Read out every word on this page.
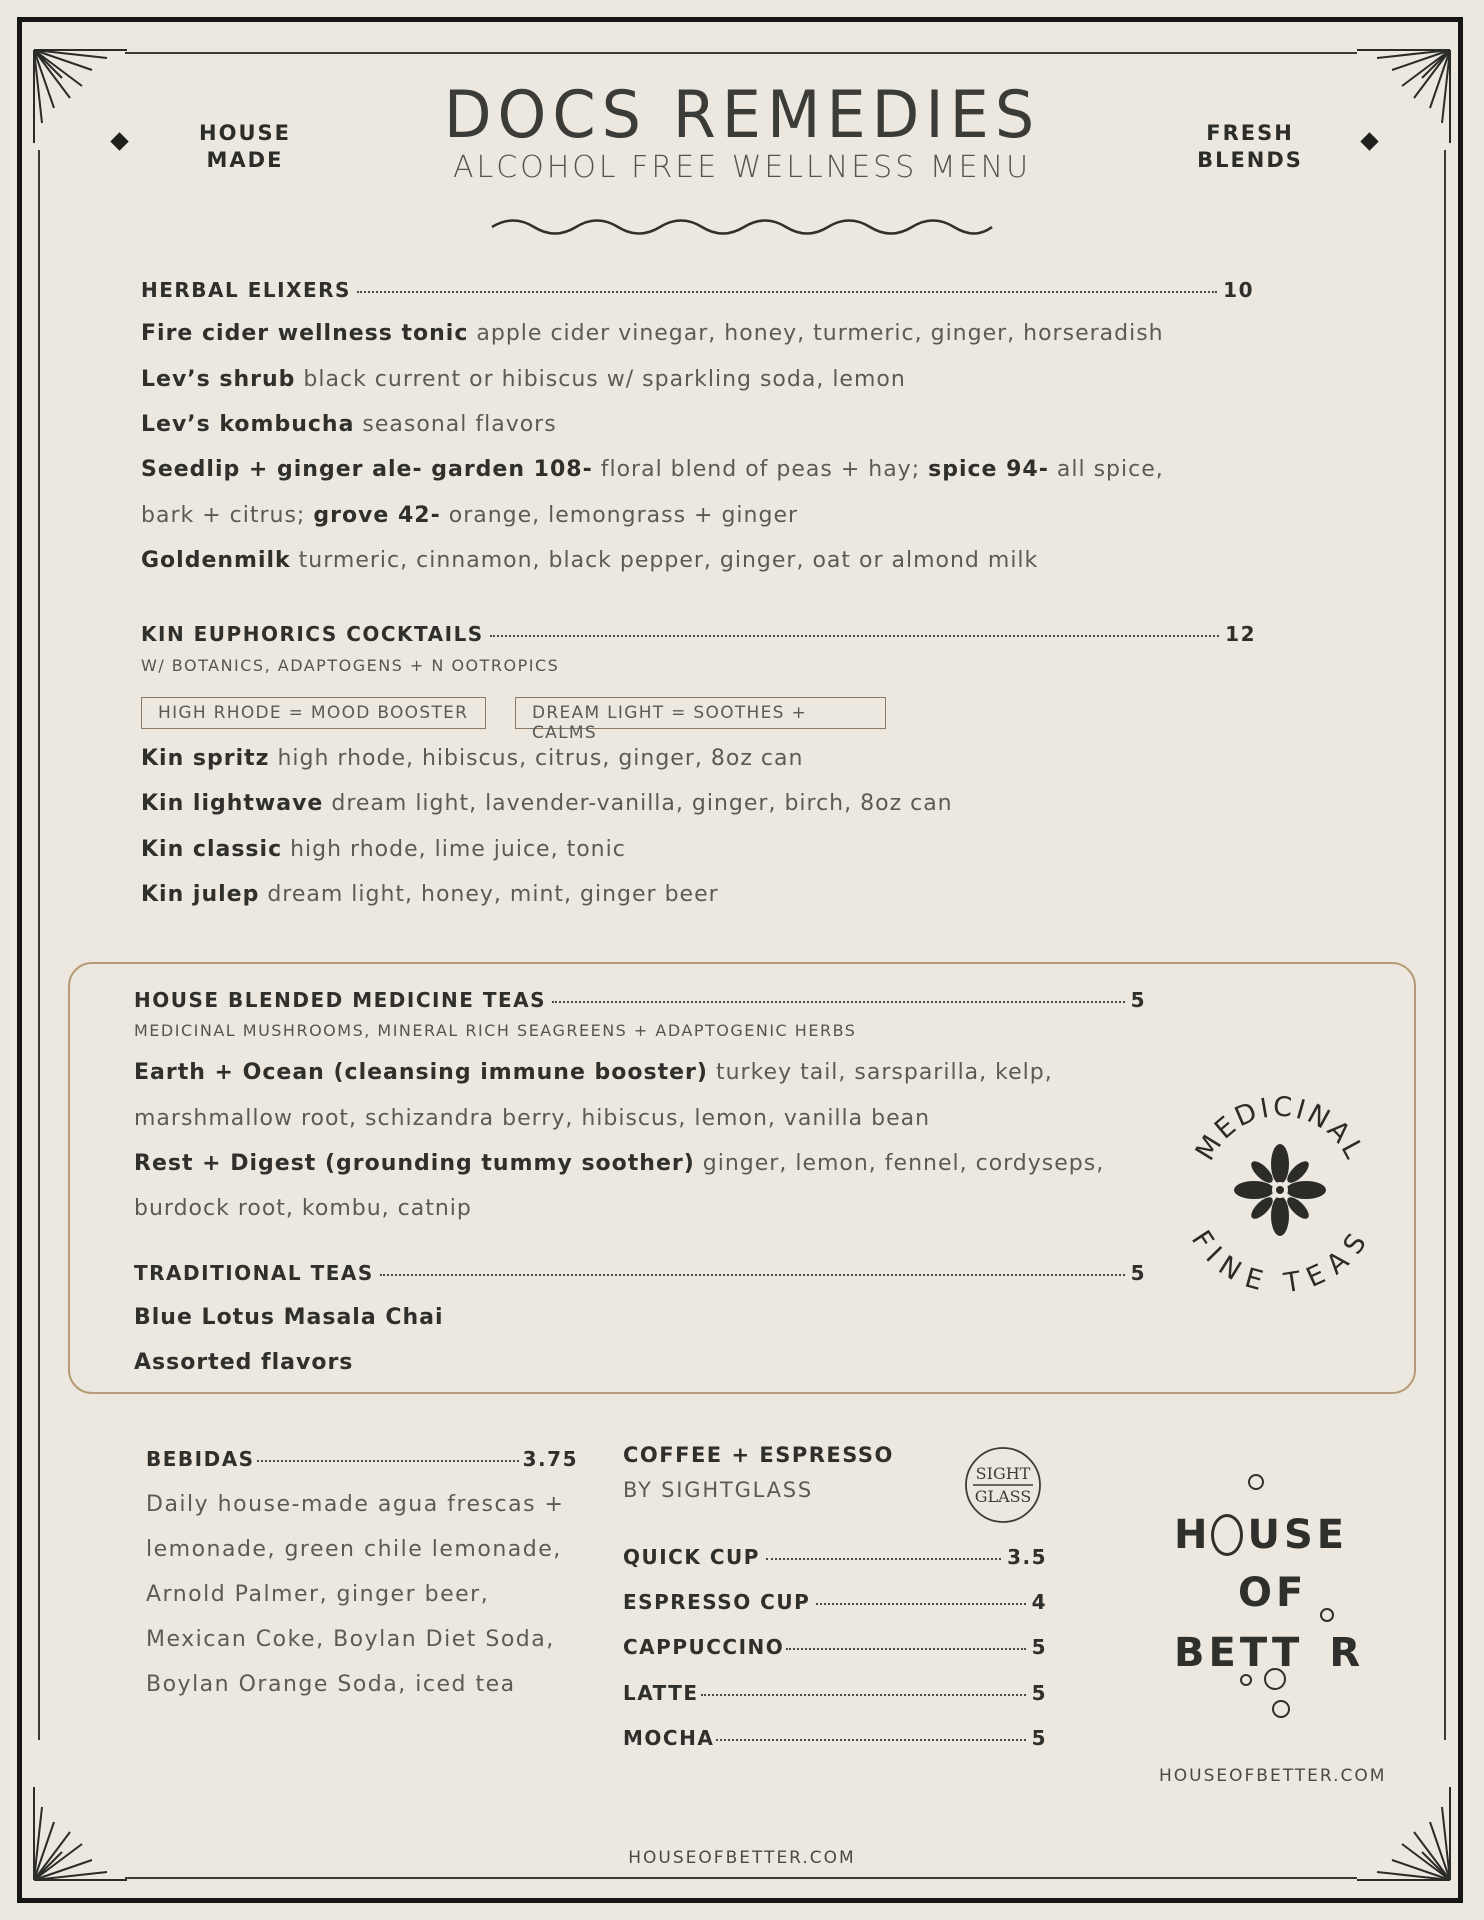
HOUSE
MADE
FRESH
BLENDS
DOCS REMEDIES
ALCOHOL FREE WELLNESS MENU
HERBAL ELIXERS	10
Fire cider wellness tonic apple cider vinegar, honey, turmeric, ginger, horseradish
Lev’s shrub black current or hibiscus w/ sparkling soda, lemon
Lev’s kombucha seasonal flavors
Seedlip + ginger ale- garden 108- floral blend of peas + hay; spice 94- all spice,
bark + citrus; grove 42- orange, lemongrass + ginger
Goldenmilk turmeric, cinnamon, black pepper, ginger, oat or almond milk
KIN EUPHORICS COCKTAILS	12
W/ BOTANICS, ADAPTOGENS + N OOTROPICS
HIGH RHODE = MOOD BOOSTER	DREAM LIGHT = SOOTHES + CALMS
Kin spritz high rhode, hibiscus, citrus, ginger, 8oz can
Kin lightwave dream light, lavender-vanilla, ginger, birch, 8oz can
Kin classic high rhode, lime juice, tonic
Kin julep dream light, honey, mint, ginger beer
HOUSE BLENDED MEDICINE TEAS	5
MEDICINAL MUSHROOMS, MINERAL RICH SEAGREENS + ADAPTOGENIC HERBS
Earth + Ocean (cleansing immune booster) turkey tail, sarsparilla, kelp,
marshmallow root, schizandra berry, hibiscus, lemon, vanilla bean
Rest + Digest (grounding tummy soother) ginger, lemon, fennel, cordyseps,
burdock root, kombu, catnip
TRADITIONAL TEAS	5
Blue Lotus Masala Chai
Assorted flavors
MEDICINAL
FINE TEAS
BEBIDAS	3.75
Daily house-made agua frescas +
lemonade, green chile lemonade,
Arnold Palmer, ginger beer,
Mexican Coke, Boylan Diet Soda,
Boylan Orange Soda, iced tea
COFFEE + ESPRESSO
BY SIGHTGLASS
SIGHT
GLASS
QUICK CUP	3.5
ESPRESSO CUP	4
CAPPUCCINO	5
LATTE	5
MOCHA	5
H USE
OF
BETT R
HOUSEOFBETTER.COM
HOUSEOFBETTER.COM
